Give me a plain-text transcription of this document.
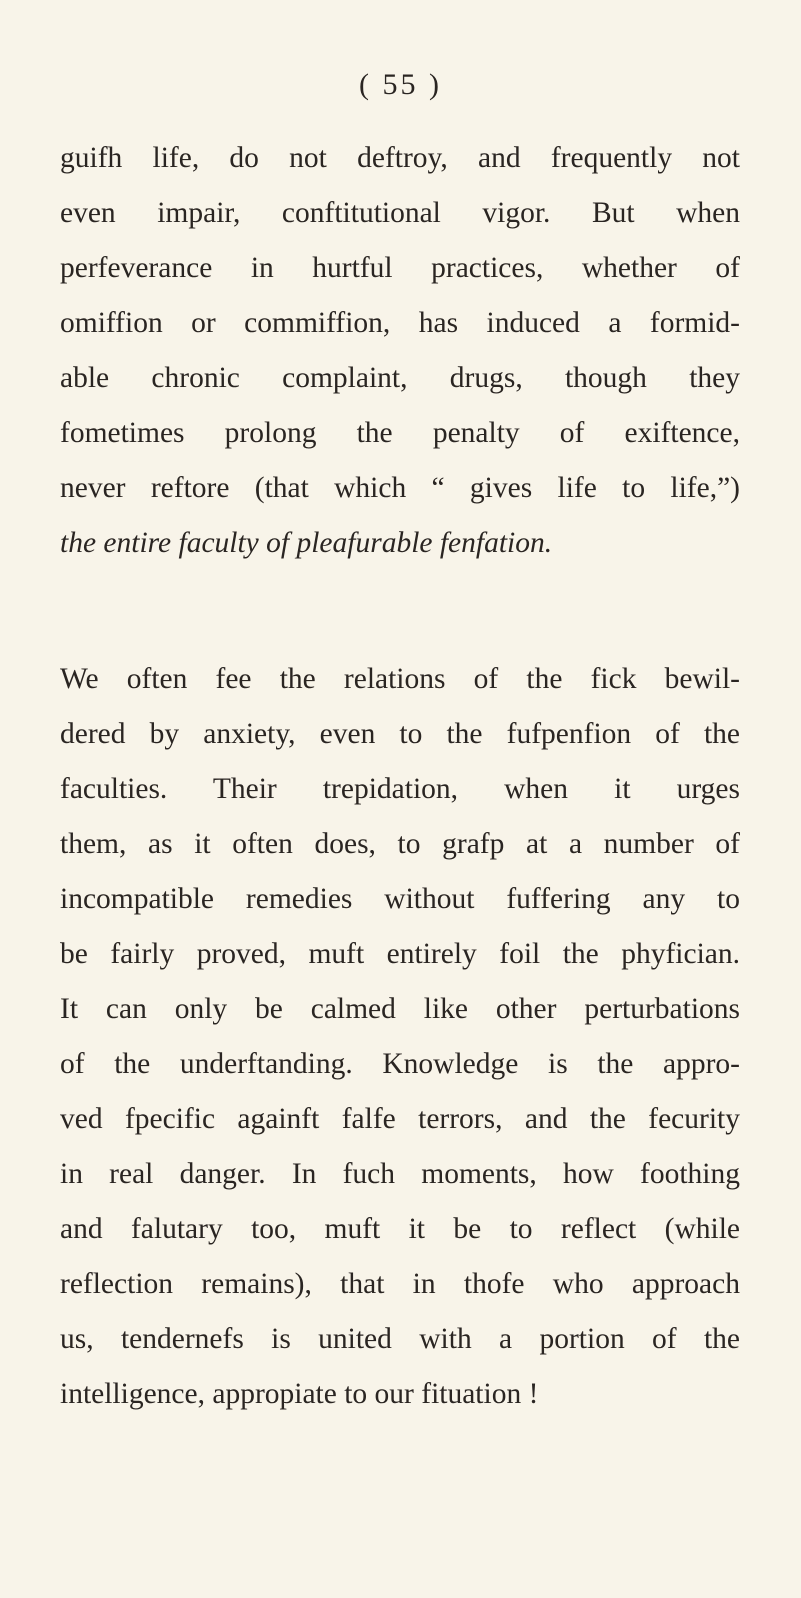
( 55 )
guifh life, do not deftroy, and frequently not
even impair, conftitutional vigor. But when
perfeverance in hurtful practices, whether of
omiffion or commiffion, has induced a formid-
able chronic complaint, drugs, though they
fometimes prolong the penalty of exiftence,
never reftore (that which “ gives life to life,”)
the entire faculty of pleafurable fenfation.
We often fee the relations of the fick bewil-
dered by anxiety, even to the fufpenfion of the
faculties. Their trepidation, when it urges
them, as it often does, to grafp at a number of
incompatible remedies without fuffering any to
be fairly proved, muft entirely foil the phyfician.
It can only be calmed like other perturbations
of the underftanding. Knowledge is the appro-
ved fpecific againft falfe terrors, and the fecurity
in real danger. In fuch moments, how foothing
and falutary too, muft it be to reflect (while
reflection remains), that in thofe who approach
us, tendernefs is united with a portion of the
intelligence, appropiate to our fituation !
